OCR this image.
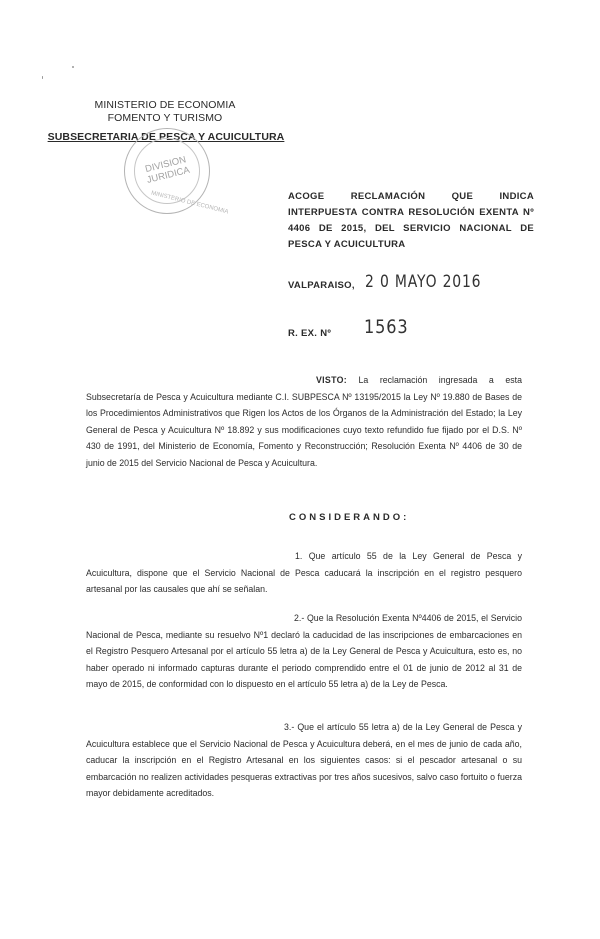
MINISTERIO DE ECONOMIA
FOMENTO Y TURISMO
SUBSECRETARIA DE PESCA Y ACUICULTURA
DIVISION JURIDICA
MINISTERIO DE ECONOMIA	ACOGE RECLAMACIÓN QUE INDICA INTERPUESTA CONTRA RESOLUCIÓN EXENTA Nº 4406 DE 2015, DEL SERVICIO NACIONAL DE PESCA Y ACUICULTURA

VALPARAISO, 2 0 MAYO 2016
R. EX. Nº 1563

VISTO: La reclamación ingresada a esta Subsecretaría de Pesca y Acuicultura mediante C.I. SUBPESCA Nº 13195/2015 la Ley Nº 19.880 de Bases de los Procedimientos Administrativos que Rigen los Actos de los Órganos de la Administración del Estado; la Ley General de Pesca y Acuicultura Nº 18.892 y sus modificaciones cuyo texto refundido fue fijado por el D.S. Nº 430 de 1991, del Ministerio de Economía, Fomento y Reconstrucción; Resolución Exenta Nº 4406 de 30 de junio de 2015 del Servicio Nacional de Pesca y Acuicultura.

CONSIDERANDO:

1. Que artículo 55 de la Ley General de Pesca y Acuicultura, dispone que el Servicio Nacional de Pesca caducará la inscripción en el registro pesquero artesanal por las causales que ahí se señalan.

2.- Que la Resolución Exenta Nº4406 de 2015, el Servicio Nacional de Pesca, mediante su resuelvo Nº1 declaró la caducidad de las inscripciones de embarcaciones en el Registro Pesquero Artesanal por el artículo 55 letra a) de la Ley General de Pesca y Acuicultura, esto es, no haber operado ni informado capturas durante el periodo comprendido entre el 01 de junio de 2012 al 31 de mayo de 2015, de conformidad con lo dispuesto en el artículo 55 letra a) de la Ley de Pesca.

3.- Que el artículo 55 letra a) de la Ley General de Pesca y Acuicultura establece que el Servicio Nacional de Pesca y Acuicultura deberá, en el mes de junio de cada año, caducar la inscripción en el Registro Artesanal en los siguientes casos: si el pescador artesanal o su embarcación no realizen actividades pesqueras extractivas por tres años sucesivos, salvo caso fortuito o fuerza mayor debidamente acreditados.
